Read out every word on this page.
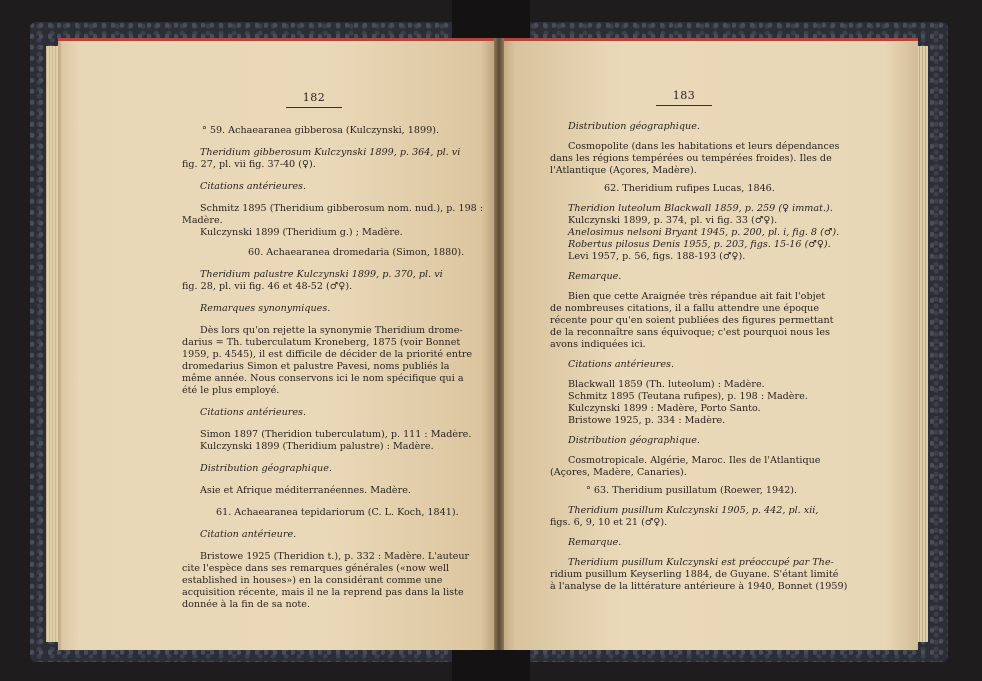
182
° 59. Achaearanea gibberosa (Kulczynski, 1899).
Theridium gibberosum Kulczynski 1899, p. 364, pl. vi
fig. 27, pl. vii fig. 37-40 (♀).
Citations antérieures.
Schmitz 1895 (Theridium gibberosum nom. nud.), p. 198 :
Madère.
Kulczynski 1899 (Theridium g.) ; Madère.
60. Achaearanea dromedaria (Simon, 1880).
Theridium palustre Kulczynski 1899, p. 370, pl. vi
fig. 28, pl. vii fig. 46 et 48-52 (♂♀).
Remarques synonymiques.
Dès lors qu'on rejette la synonymie Theridium drome-
darius = Th. tuberculatum Kroneberg, 1875 (voir Bonnet
1959, p. 4545), il est difficile de décider de la priorité entre
dromedarius Simon et palustre Pavesi, noms publiés la
même année. Nous conservons ici le nom spécifique qui a
été le plus employé.
Citations antérieures.
Simon 1897 (Theridion tuberculatum), p. 111 : Madère.
Kulczynski 1899 (Theridium palustre) : Madère.
Distribution géographique.
Asie et Afrique méditerranéennes. Madère.
61. Achaearanea tepidariorum (C. L. Koch, 1841).
Citation antérieure.
Bristowe 1925 (Theridion t.), p. 332 : Madère. L'auteur
cite l'espèce dans ses remarques générales («now well
established in houses») en la considérant comme une
acquisition récente, mais il ne la reprend pas dans la liste
donnée à la fin de sa note.
183
Distribution géographique.
Cosmopolite (dans les habitations et leurs dépendances
dans les régions tempérées ou tempérées froides). Iles de
l'Atlantique (Açores, Madère).
62. Theridium rufipes Lucas, 1846.
Theridion luteolum Blackwall 1859, p. 259 (♀ immat.).
Kulczynski 1899, p. 374, pl. vi fig. 33 (♂♀).
Anelosimus nelsoni Bryant 1945, p. 200, pl. i, fig. 8 (♂).
Robertus pilosus Denis 1955, p. 203, figs. 15-16 (♂♀).
Levi 1957, p. 56, figs. 188-193 (♂♀).
Remarque.
Bien que cette Araignée très répandue ait fait l'objet
de nombreuses citations, il a fallu attendre une époque
récente pour qu'en soient publiées des figures permettant
de la reconnaître sans équivoque; c'est pourquoi nous les
avons indiquées ici.
Citations antérieures.
Blackwall 1859 (Th. luteolum) : Madère.
Schmitz 1895 (Teutana rufipes), p. 198 : Madère.
Kulczynski 1899 : Madère, Porto Santo.
Bristowe 1925, p. 334 : Madère.
Distribution géographique.
Cosmotropicale. Algérie, Maroc. Iles de l'Atlantique
(Açores, Madère, Canaries).
° 63. Theridium pusillatum (Roewer, 1942).
Theridium pusillum Kulczynski 1905, p. 442, pl. xii,
figs. 6, 9, 10 et 21 (♂♀).
Remarque.
Theridium pusillum Kulczynski est préoccupé par The-
ridium pusillum Keyserling 1884, de Guyane. S'étant limité
à l'analyse de la littérature antérieure à 1940, Bonnet (1959)
